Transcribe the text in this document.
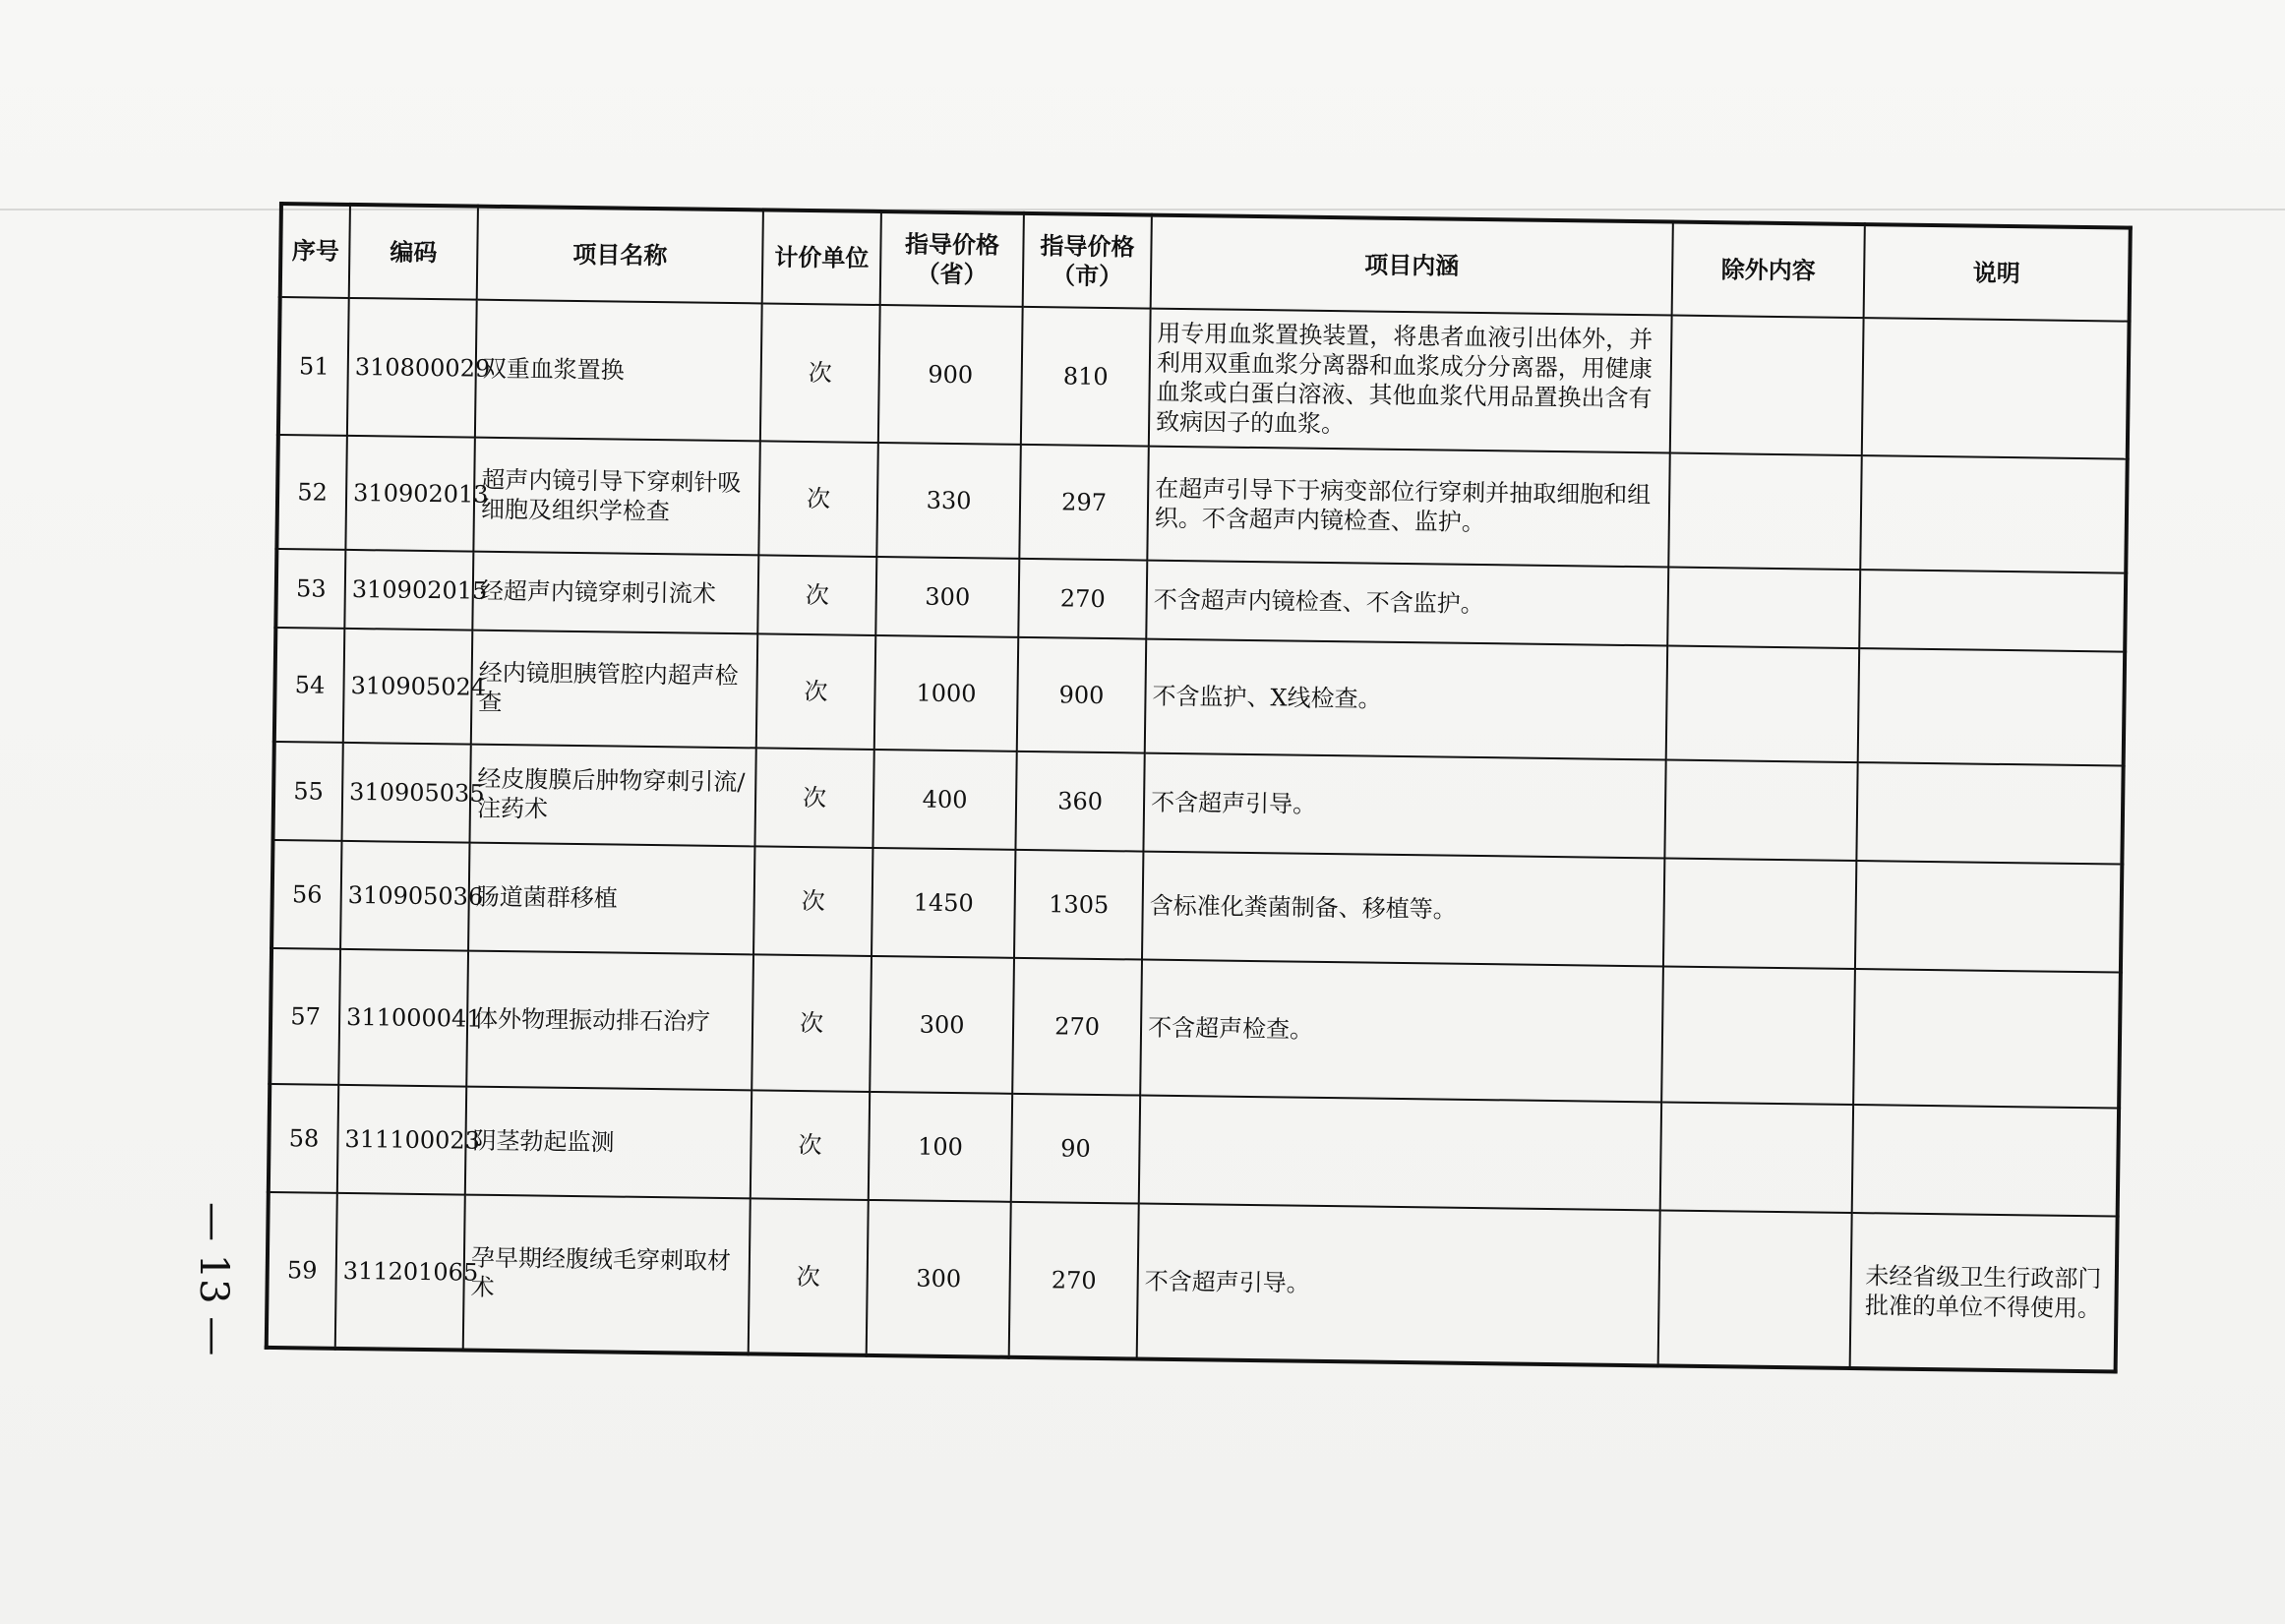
序号	编码	项目名称	计价单位	指导价格（省）	指导价格（市）	项目内涵	除外内容	说明
51	310800029	双重血浆置换	次	900	810	用专用血浆置换装置，将患者血液引出体外，并利用双重血浆分离器和血浆成分分离器，用健康血浆或白蛋白溶液、其他血浆代用品置换出含有致病因子的血浆。		
52	310902013	超声内镜引导下穿刺针吸细胞及组织学检查	次	330	297	在超声引导下于病变部位行穿刺并抽取细胞和组织。不含超声内镜检查、监护。		
53	310902015	经超声内镜穿刺引流术	次	300	270	不含超声内镜检查、不含监护。		
54	310905024	经内镜胆胰管腔内超声检查	次	1000	900	不含监护、X线检查。		
55	310905035	经皮腹膜后肿物穿刺引流/注药术	次	400	360	不含超声引导。		
56	310905036	肠道菌群移植	次	1450	1305	含标准化粪菌制备、移植等。		
57	311000041	体外物理振动排石治疗	次	300	270	不含超声检查。		
58	311100023	阴茎勃起监测	次	100	90			
59	311201065	孕早期经腹绒毛穿刺取材术	次	300	270	不含超声引导。		未经省级卫生行政部门批准的单位不得使用。
— 13 —
